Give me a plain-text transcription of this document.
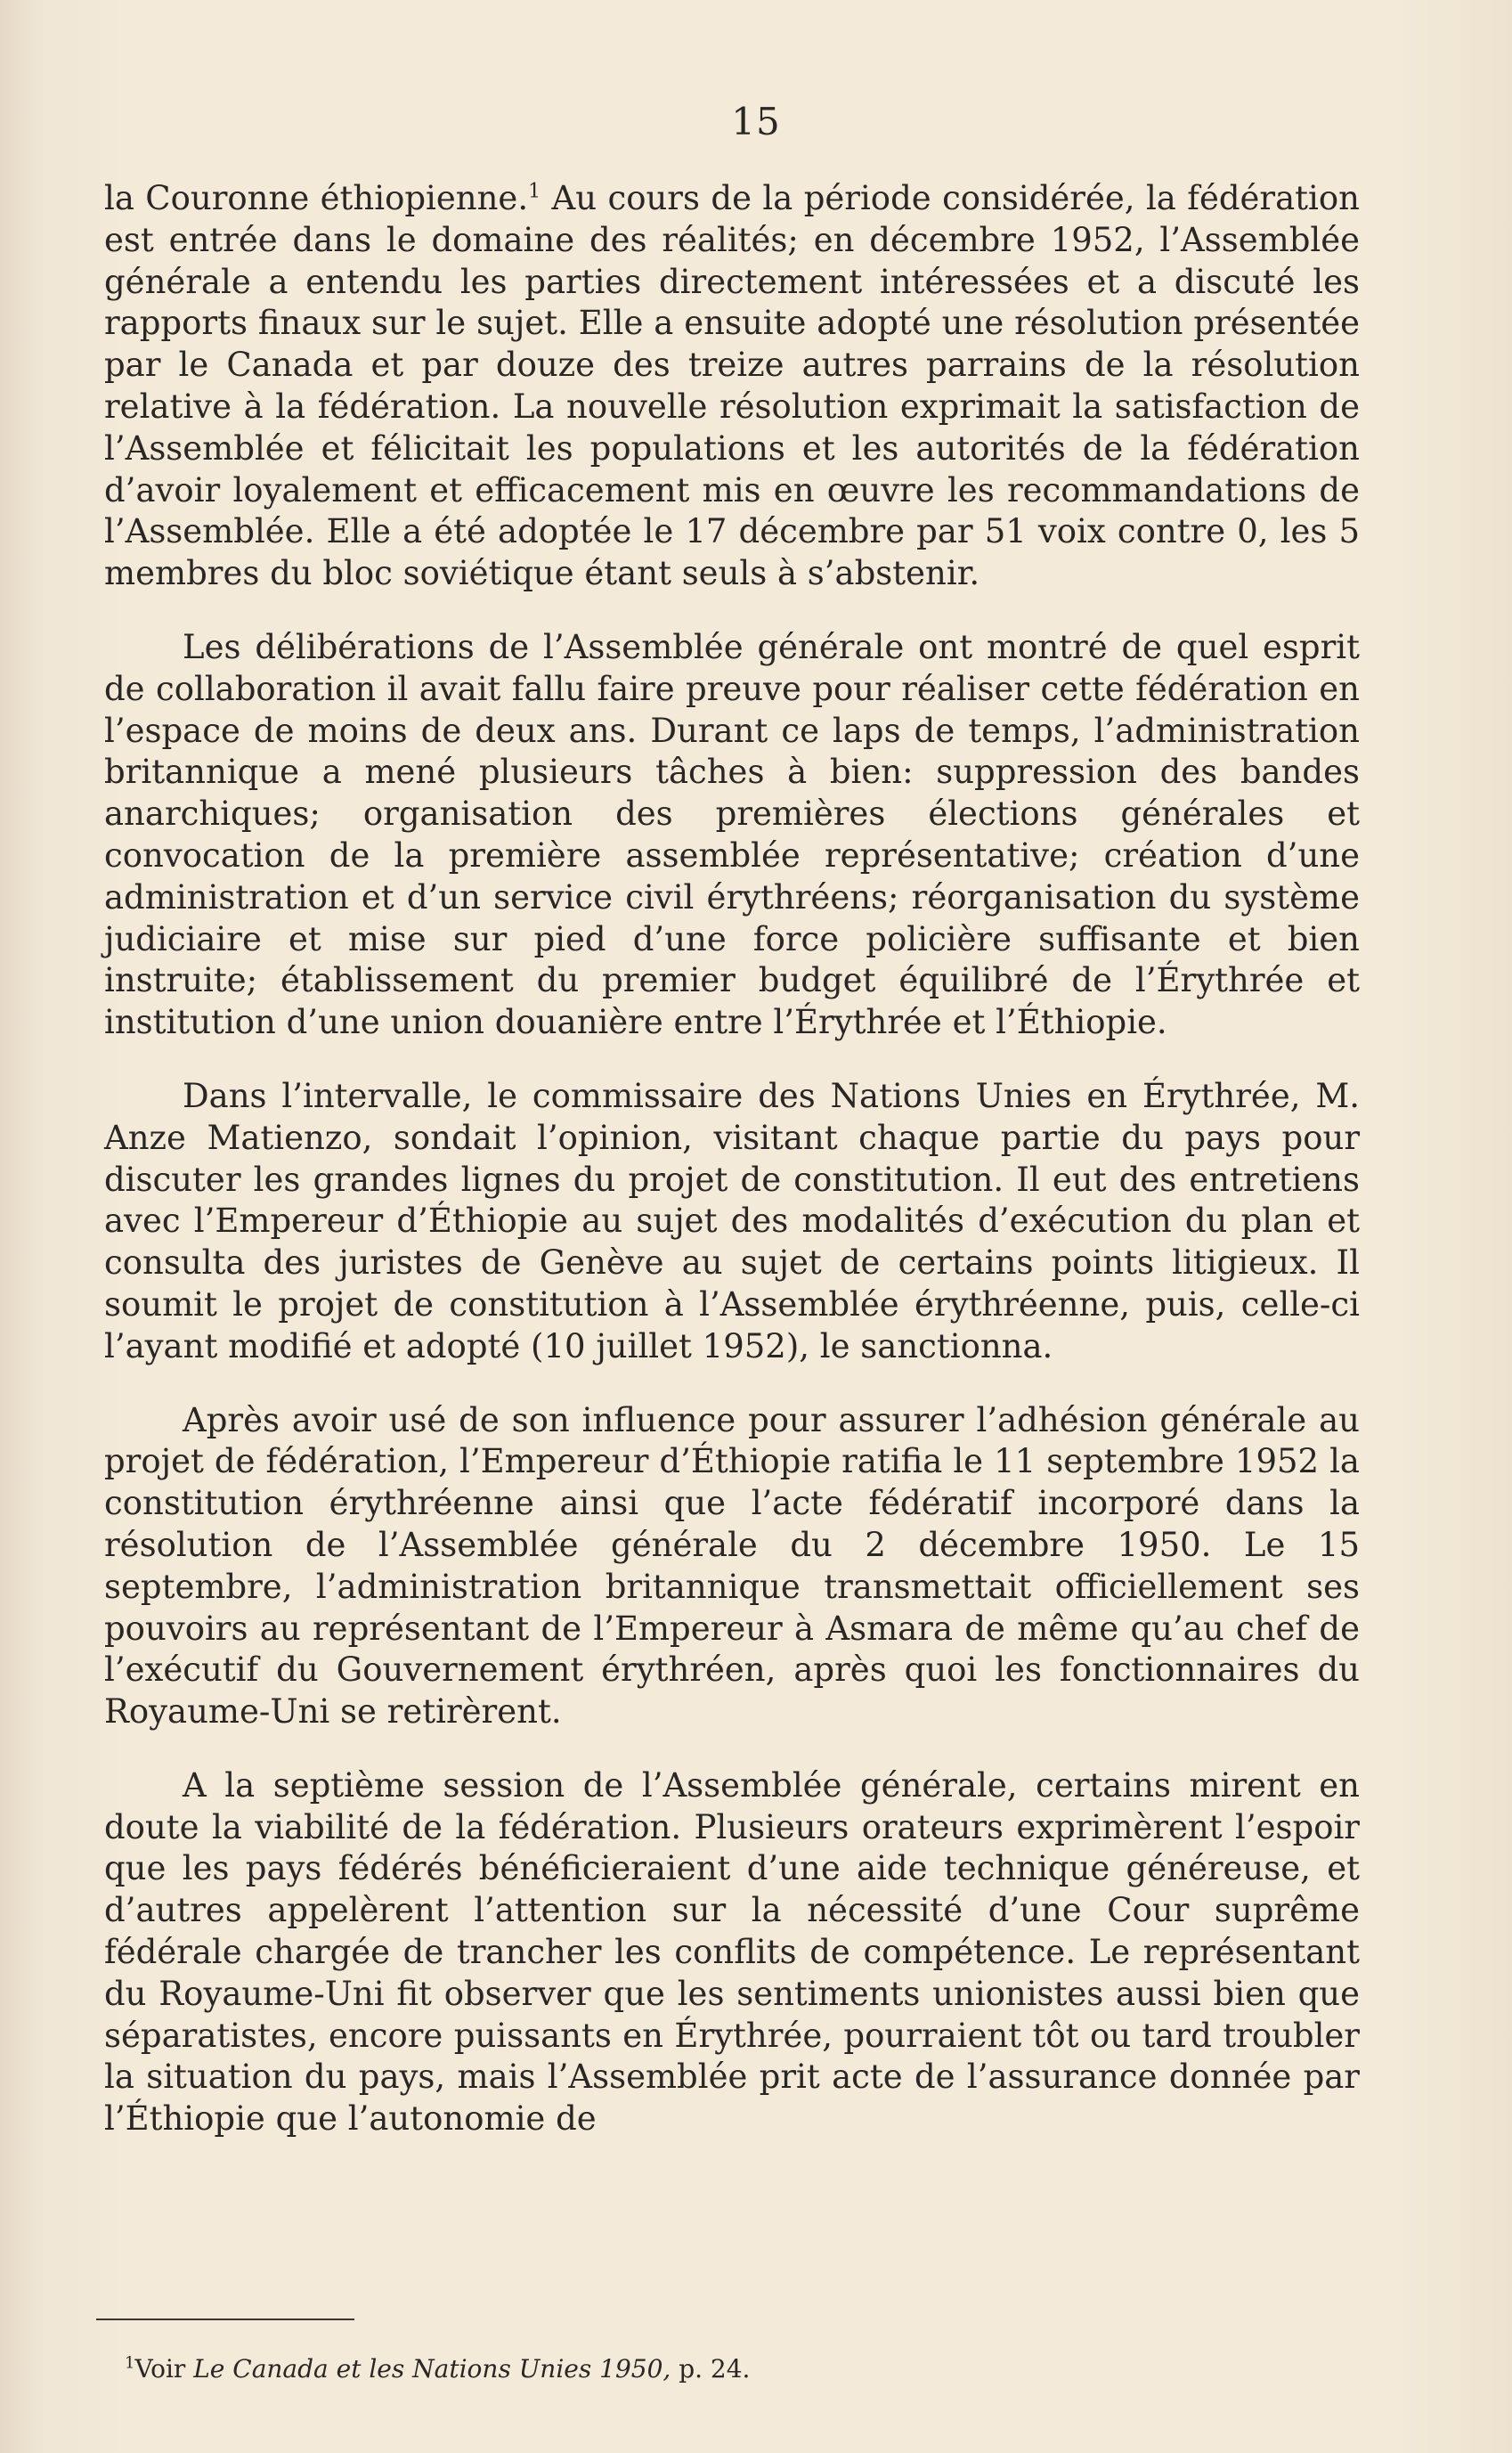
15

la Couronne éthiopienne.$^1$ Au cours de la période considérée, la fédération est entrée dans le domaine des réalités; en décembre 1952, l’Assemblée générale a entendu les parties directement intéressées et a discuté les rapports finaux sur le sujet. Elle a ensuite adopté une résolution présentée par le Canada et par douze des treize autres parrains de la résolution relative à la fédération. La nouvelle résolution exprimait la satisfaction de l’Assemblée et félicitait les populations et les autorités de la fédération d’avoir loyalement et efficacement mis en œuvre les recommandations de l’Assemblée. Elle a été adoptée le 17 décembre par 51 voix contre 0, les 5 membres du bloc soviétique étant seuls à s’abstenir.

Les délibérations de l’Assemblée générale ont montré de quel esprit de collaboration il avait fallu faire preuve pour réaliser cette fédération en l’espace de moins de deux ans. Durant ce laps de temps, l’administration britannique a mené plusieurs tâches à bien: suppression des bandes anarchiques; organisation des premières élections générales et convocation de la première assemblée représentative; création d’une administration et d’un service civil érythréens; réorganisation du système judiciaire et mise sur pied d’une force policière suffisante et bien instruite; établissement du premier budget équilibré de l’Érythrée et institution d’une union douanière entre l’Érythrée et l’Éthiopie.

Dans l’intervalle, le commissaire des Nations Unies en Érythrée, M. Anze Matienzo, sondait l’opinion, visitant chaque partie du pays pour discuter les grandes lignes du projet de constitution. Il eut des entretiens avec l’Empereur d’Éthiopie au sujet des modalités d’exécution du plan et consulta des juristes de Genève au sujet de certains points litigieux. Il soumit le projet de constitution à l’Assemblée érythréenne, puis, celle-ci l’ayant modifié et adopté (10 juillet 1952), le sanctionna.

Après avoir usé de son influence pour assurer l’adhésion générale au projet de fédération, l’Empereur d’Éthiopie ratifia le 11 septembre 1952 la constitution érythréenne ainsi que l’acte fédératif incorporé dans la résolution de l’Assemblée générale du 2 décembre 1950. Le 15 septembre, l’administration britannique transmettait officiellement ses pouvoirs au représentant de l’Empereur à Asmara de même qu’au chef de l’exécutif du Gouvernement érythréen, après quoi les fonctionnaires du Royaume-Uni se retirèrent.

A la septième session de l’Assemblée générale, certains mirent en doute la viabilité de la fédération. Plusieurs orateurs exprimèrent l’espoir que les pays fédérés bénéficieraient d’une aide technique généreuse, et d’autres appelèrent l’attention sur la nécessité d’une Cour suprême fédérale chargée de trancher les conflits de compétence. Le représentant du Royaume-Uni fit observer que les sentiments unionistes aussi bien que séparatistes, encore puissants en Érythrée, pourraient tôt ou tard troubler la situation du pays, mais l’Assemblée prit acte de l’assurance donnée par l’Éthiopie que l’autonomie de

$^1$Voir Le Canada et les Nations Unies 1950, p. 24.
